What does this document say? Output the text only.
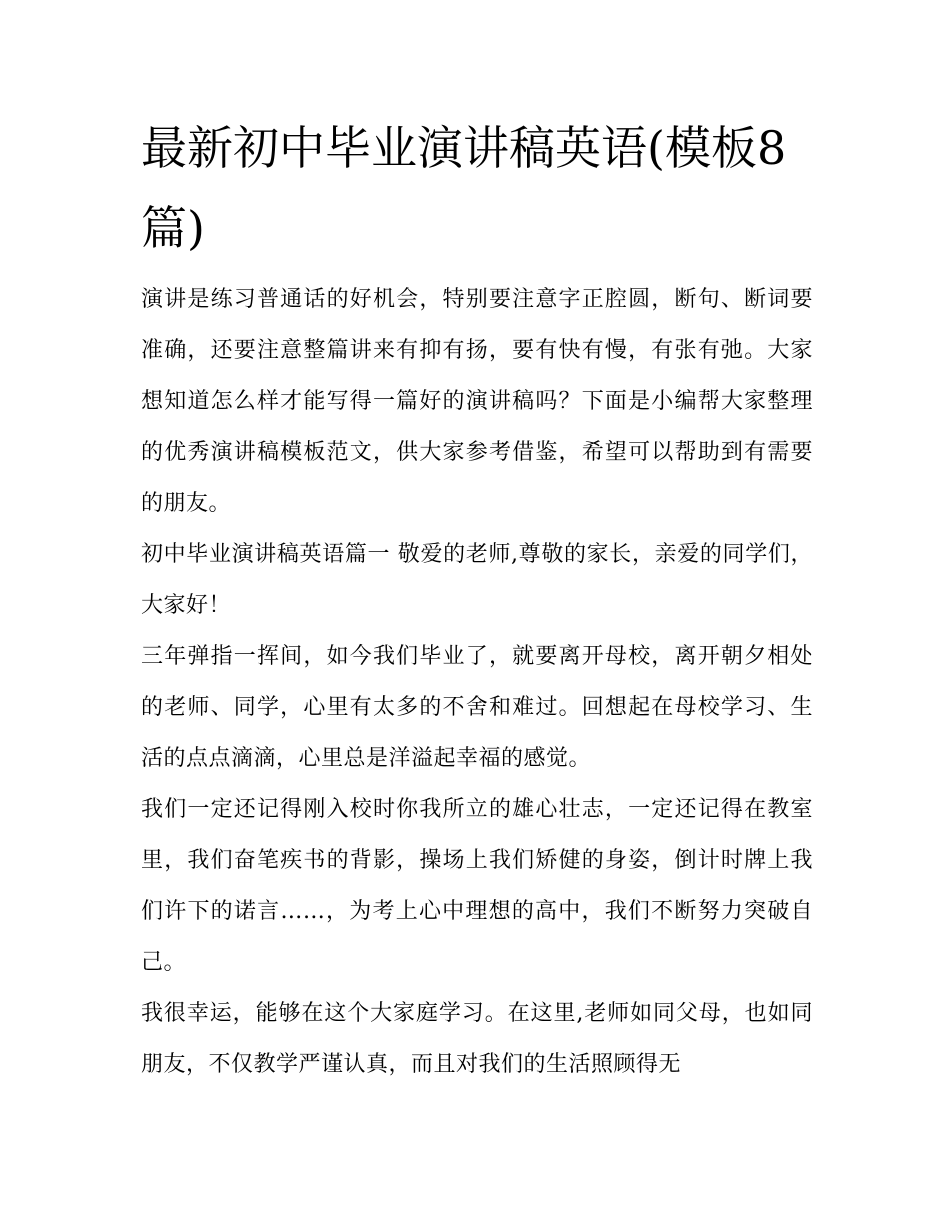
最新初中毕业演讲稿英语(模板8篇)

演讲是练习普通话的好机会，特别要注意字正腔圆，断句、断词要准确，还要注意整篇讲来有抑有扬，要有快有慢，有张有弛。大家想知道怎么样才能写得一篇好的演讲稿吗？下面是小编帮大家整理的优秀演讲稿模板范文，供大家参考借鉴，希望可以帮助到有需要的朋友。

初中毕业演讲稿英语篇一 敬爱的老师,尊敬的家长，亲爱的同学们，大家好！

三年弹指一挥间，如今我们毕业了，就要离开母校，离开朝夕相处的老师、同学，心里有太多的不舍和难过。回想起在母校学习、生活的点点滴滴，心里总是洋溢起幸福的感觉。

我们一定还记得刚入校时你我所立的雄心壮志，一定还记得在教室里，我们奋笔疾书的背影，操场上我们矫健的身姿，倒计时牌上我们许下的诺言……，为考上心中理想的高中，我们不断努力突破自己。

我很幸运，能够在这个大家庭学习。在这里,老师如同父母，也如同朋友，不仅教学严谨认真，而且对我们的生活照顾得无
